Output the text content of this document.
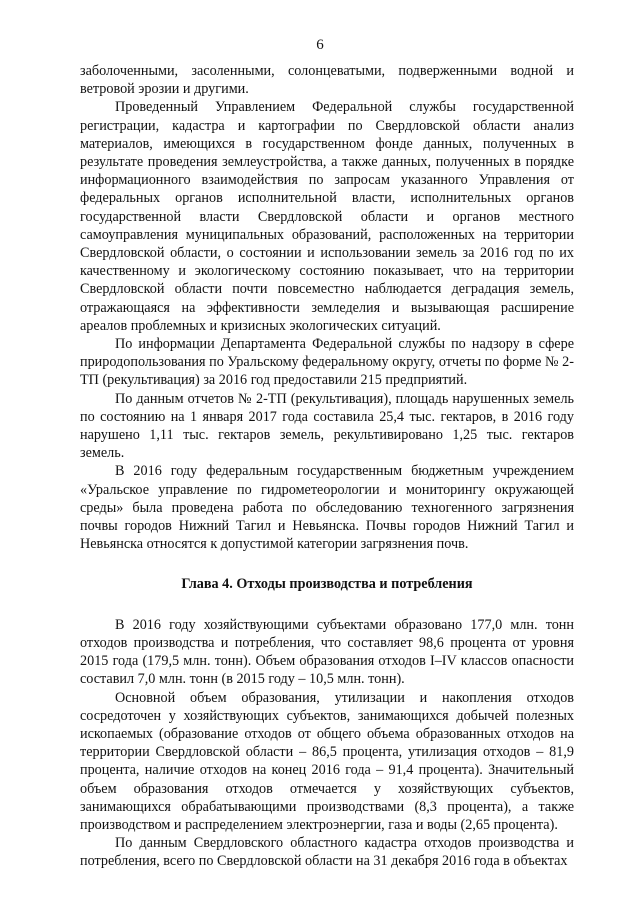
6

заболоченными, засоленными, солонцеватыми, подверженными водной и ветровой эрозии и другими.

Проведенный Управлением Федеральной службы государственной регистрации, кадастра и картографии по Свердловской области анализ материалов, имеющихся в государственном фонде данных, полученных в результате проведения землеустройства, а также данных, полученных в порядке информационного взаимодействия по запросам указанного Управления от федеральных органов исполнительной власти, исполнительных органов государственной власти Свердловской области и органов местного самоуправления муниципальных образований, расположенных на территории Свердловской области, о состоянии и использовании земель за 2016 год по их качественному и экологическому состоянию показывает, что на территории Свердловской области почти повсеместно наблюдается деградация земель, отражающаяся на эффективности земледелия и вызывающая расширение ареалов проблемных и кризисных экологических ситуаций.

По информации Департамента Федеральной службы по надзору в сфере природопользования по Уральскому федеральному округу, отчеты по форме № 2-ТП (рекультивация) за 2016 год предоставили 215 предприятий.

По данным отчетов № 2-ТП (рекультивация), площадь нарушенных земель по состоянию на 1 января 2017 года составила 25,4 тыс. гектаров, в 2016 году нарушено 1,11 тыс. гектаров земель, рекультивировано 1,25 тыс. гектаров земель.

В 2016 году федеральным государственным бюджетным учреждением «Уральское управление по гидрометеорологии и мониторингу окружающей среды» была проведена работа по обследованию техногенного загрязнения почвы городов Нижний Тагил и Невьянска. Почвы городов Нижний Тагил и Невьянска относятся к допустимой категории загрязнения почв.

Глава 4. Отходы производства и потребления

В 2016 году хозяйствующими субъектами образовано 177,0 млн. тонн отходов производства и потребления, что составляет 98,6 процента от уровня 2015 года (179,5 млн. тонн). Объем образования отходов I–IV классов опасности составил 7,0 млн. тонн (в 2015 году – 10,5 млн. тонн).

Основной объем образования, утилизации и накопления отходов сосредоточен у хозяйствующих субъектов, занимающихся добычей полезных ископаемых (образование отходов от общего объема образованных отходов на территории Свердловской области – 86,5 процента, утилизация отходов – 81,9 процента, наличие отходов на конец 2016 года – 91,4 процента). Значительный объем образования отходов отмечается у хозяйствующих субъектов, занимающихся обрабатывающими производствами (8,3 процента), а также производством и распределением электроэнергии, газа и воды (2,65 процента).

По данным Свердловского областного кадастра отходов производства и потребления, всего по Свердловской области на 31 декабря 2016 года в объектах
